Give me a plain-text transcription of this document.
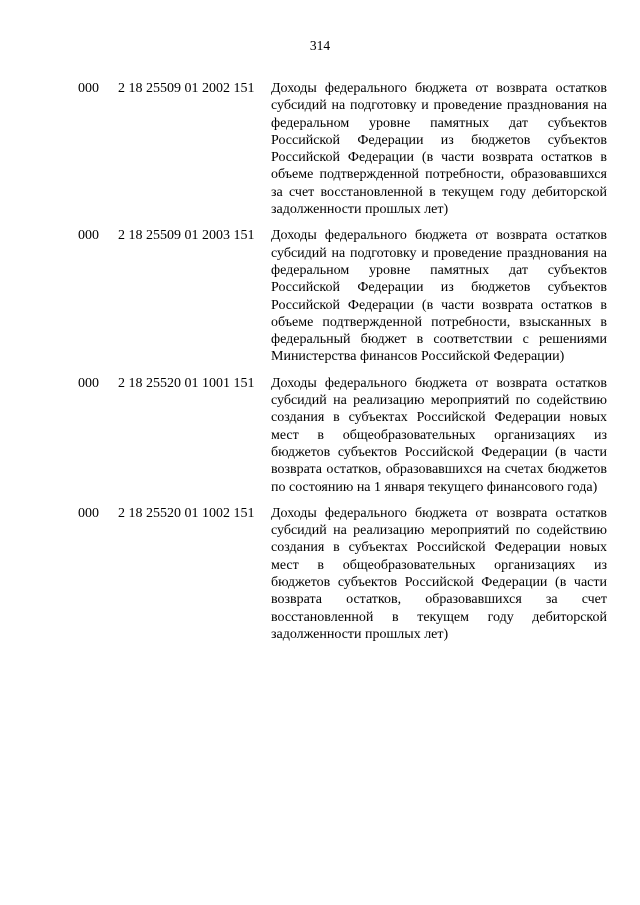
314
000 2 18 25509 01 2002 151 Доходы федерального бюджета от возврата остатков субсидий на подготовку и проведение празднования на федеральном уровне памятных дат субъектов Российской Федерации из бюджетов субъектов Российской Федерации (в части возврата остатков в объеме подтвержденной потребности, образовавшихся за счет восстановленной в текущем году дебиторской задолженности прошлых лет)
000 2 18 25509 01 2003 151 Доходы федерального бюджета от возврата остатков субсидий на подготовку и проведение празднования на федеральном уровне памятных дат субъектов Российской Федерации из бюджетов субъектов Российской Федерации (в части возврата остатков в объеме подтвержденной потребности, взысканных в федеральный бюджет в соответствии с решениями Министерства финансов Российской Федерации)
000 2 18 25520 01 1001 151 Доходы федерального бюджета от возврата остатков субсидий на реализацию мероприятий по содействию создания в субъектах Российской Федерации новых мест в общеобразовательных организациях из бюджетов субъектов Российской Федерации (в части возврата остатков, образовавшихся на счетах бюджетов по состоянию на 1 января текущего финансового года)
000 2 18 25520 01 1002 151 Доходы федерального бюджета от возврата остатков субсидий на реализацию мероприятий по содействию создания в субъектах Российской Федерации новых мест в общеобразовательных организациях из бюджетов субъектов Российской Федерации (в части возврата остатков, образовавшихся за счет восстановленной в текущем году дебиторской задолженности прошлых лет)
